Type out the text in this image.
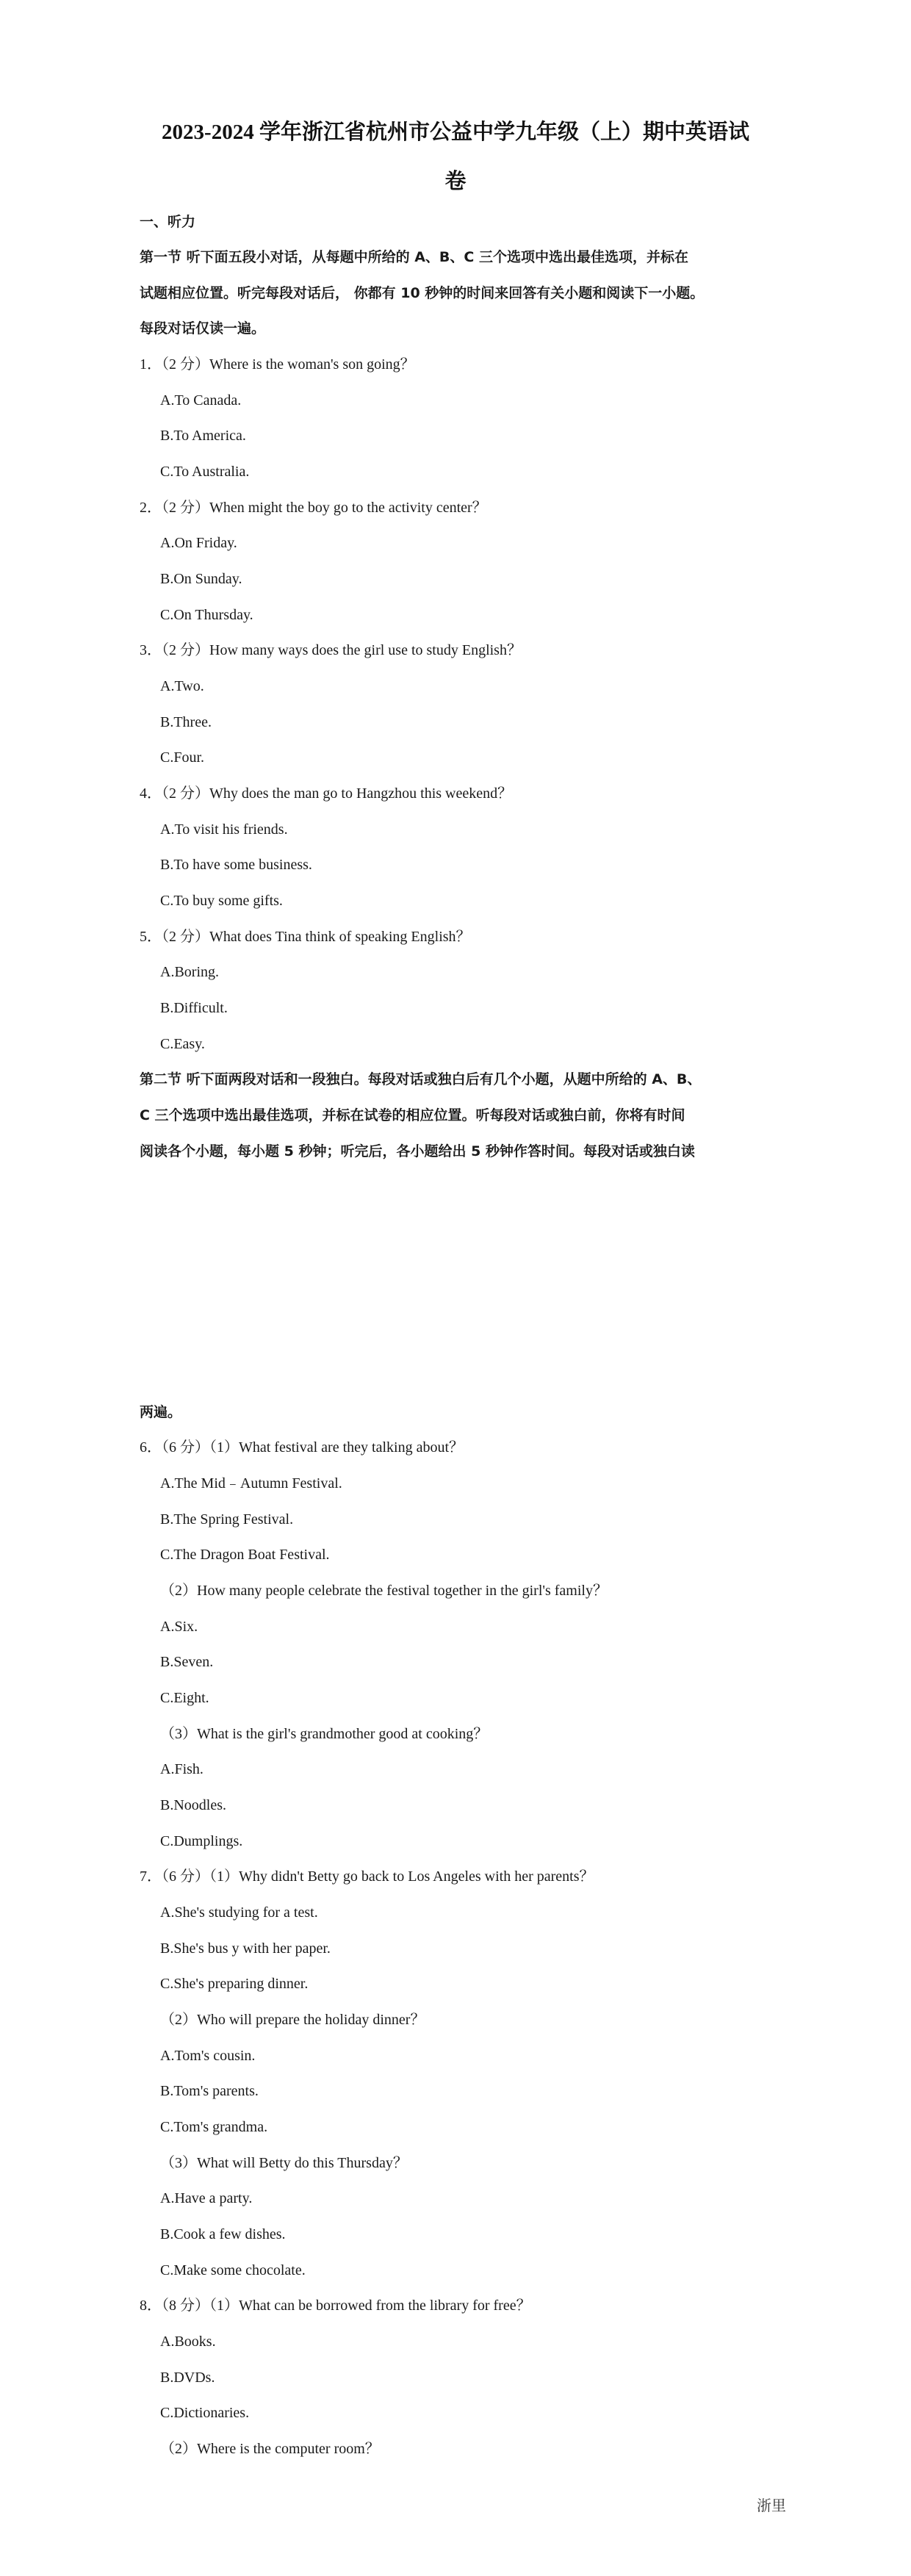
2023-2024 学年浙江省杭州市公益中学九年级（上）期中英语试
卷
一、听力
第一节 听下面五段小对话，从每题中所给的 A、B、C 三个选项中选出最佳选项，并标在
试题相应位置。听完每段对话后， 你都有 10 秒钟的时间来回答有关小题和阅读下一小题。
每段对话仅读一遍。
1．（2 分）Where is the woman's son going？
A.To Canada.
B.To America.
C.To Australia.
2．（2 分）When might the boy go to the activity center？
A.On Friday.
B.On Sunday.
C.On Thursday.
3．（2 分）How many ways does the girl use to study English？
A.Two.
B.Three.
C.Four.
4．（2 分）Why does the man go to Hangzhou this weekend？
A.To visit his friends.
B.To have some business.
C.To buy some gifts.
5．（2 分）What does Tina think of speaking English？
A.Boring.
B.Difficult.
C.Easy.
第二节 听下面两段对话和一段独白。每段对话或独白后有几个小题，从题中所给的 A、B、
C 三个选项中选出最佳选项，并标在试卷的相应位置。听每段对话或独白前，你将有时间
阅读各个小题，每小题 5 秒钟；听完后，各小题给出 5 秒钟作答时间。每段对话或独白读
两遍。
6．（6 分）（1）What festival are they talking about？
A.The Mid﹣Autumn Festival.
B.The Spring Festival.
C.The Dragon Boat Festival.
（2）How many people celebrate the festival together in the girl's family？
A.Six.
B.Seven.
C.Eight.
（3）What is the girl's grandmother good at cooking？
A.Fish.
B.Noodles.
C.Dumplings.
7．（6 分）（1）Why didn't Betty go back to Los Angeles with her parents？
A.She's studying for a test.
B.She's bus y with her paper.
C.She's preparing dinner.
（2）Who will prepare the holiday dinner？
A.Tom's cousin.
B.Tom's parents.
C.Tom's grandma.
（3）What will Betty do this Thursday？
A.Have a party.
B.Cook a few dishes.
C.Make some chocolate.
8．（8 分）（1）What can be borrowed from the library for free？
A.Books.
B.DVDs.
C.Dictionaries.
（2）Where is the computer room？
浙里
